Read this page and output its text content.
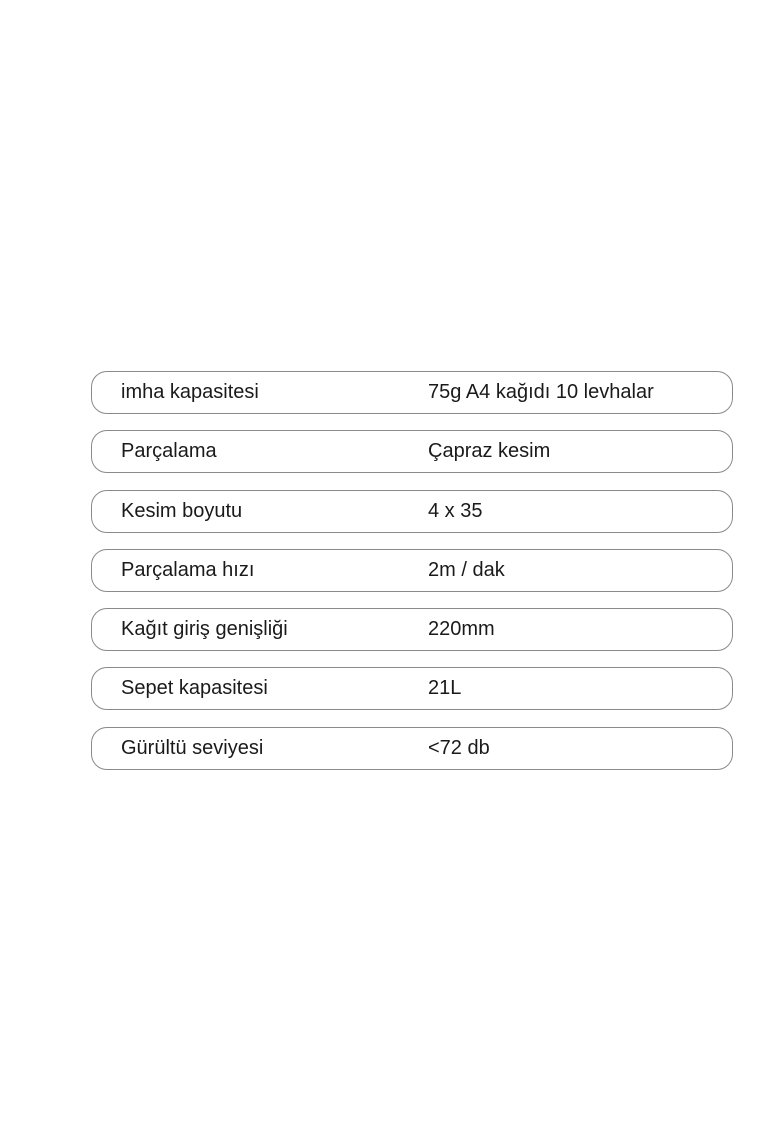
imha kapasitesi	75g A4 kağıdı 10 levhalar
Parçalama	Çapraz kesim
Kesim boyutu	4 x 35
Parçalama hızı	2m / dak
Kağıt giriş genişliği	220mm
Sepet kapasitesi	21L
Gürültü seviyesi	<72 db
